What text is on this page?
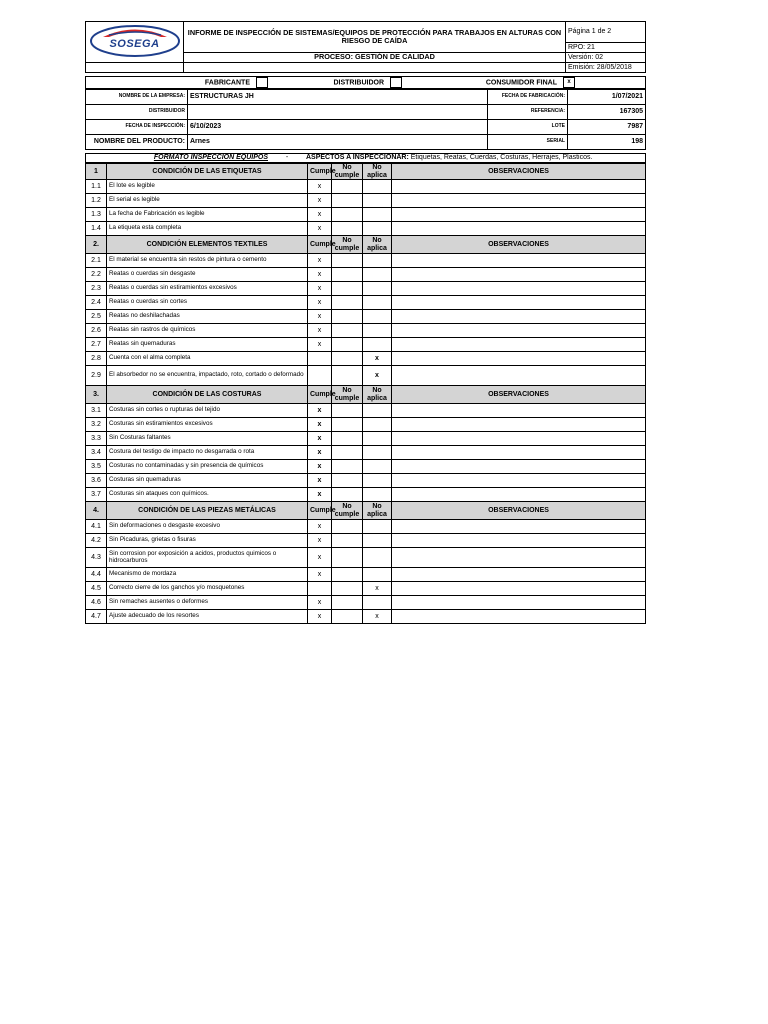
SOSEGA	INFORME DE INSPECCIÓN DE SISTEMAS/EQUIPOS DE PROTECCIÓN PARA TRABAJOS EN ALTURAS CON RIESGO DE CAÍDA	Página 1 de 2
		RPO: 21
	PROCESO: GESTIÓN DE CALIDAD	Versión: 02
		Emisión: 28/05/2018
FABRICANTE	DISTRIBUIDOR	CONSUMIDOR FINAL x
NOMBRE DE LA EMPRESA:	ESTRUCTURAS JH	FECHA DE FABRICACIÓN:	1/07/2021
DISTRIBUIDOR		REFERENCIA:	167305
FECHA DE INSPECCIÓN:	6/10/2023	LOTE	7987
NOMBRE DEL PRODUCTO:	Arnes	SERIAL	198
FORMATO INSPECCION EQUIPOS	-	ASPECTOS A INSPECCIONAR: Etiquetas, Reatas, Cuerdas, Costuras, Herrajes, Plasticos.
1	CONDICIÓN DE LAS ETIQUETAS	Cumple	No cumple	No aplica	OBSERVACIONES
1.1	El lote es legible	x			
1.2	El serial es legible	x			
1.3	La fecha de Fabricación es legible	x			
1.4	La etiqueta esta completa	x			
2.	CONDICIÓN ELEMENTOS TEXTILES	Cumple	No cumple	No aplica	OBSERVACIONES
2.1	El material se encuentra sin restos de pintura o cemento	x			
2.2	Reatas o cuerdas sin desgaste	x			
2.3	Reatas o cuerdas sin estiramientos excesivos	x			
2.4	Reatas o cuerdas sin cortes	x			
2.5	Reatas no deshilachadas	x			
2.6	Reatas sin rastros de químicos	x			
2.7	Reatas sin quemaduras	x			
2.8	Cuenta con el alma completa			x	
2.9	El absorbedor no se encuentra, impactado, roto, cortado o deformado			x	
3.	CONDICIÓN DE LAS COSTURAS	Cumple	No cumple	No aplica	OBSERVACIONES
3.1	Costuras sin cortes o rupturas del tejido	x			
3.2	Costuras sin estiramientos excesivos	x			
3.3	Sin Costuras faltantes	x			
3.4	Costura del testigo de impacto no desgarrada o rota	x			
3.5	Costuras no contaminadas y sin presencia de químicos	x			
3.6	Costuras sin quemaduras	x			
3.7	Costuras sin ataques con químicos.	x			
4.	CONDICIÓN DE LAS PIEZAS METÁLICAS	Cumple	No cumple	No aplica	OBSERVACIONES
4.1	Sin deformaciones o desgaste excesivo	x			
4.2	Sin Picaduras, grietas o fisuras	x			
4.3	Sin corrosion por exposición a acidos, productos quimicos o hidrocarburos	x			
4.4	Mecanismo de mordaza	x			
4.5	Correcto cierre de los ganchos y/o mosquetones			x	
4.6	Sin remaches ausentes o deformes	x			
4.7	Ajuste adecuado de los resortes	x		x	
